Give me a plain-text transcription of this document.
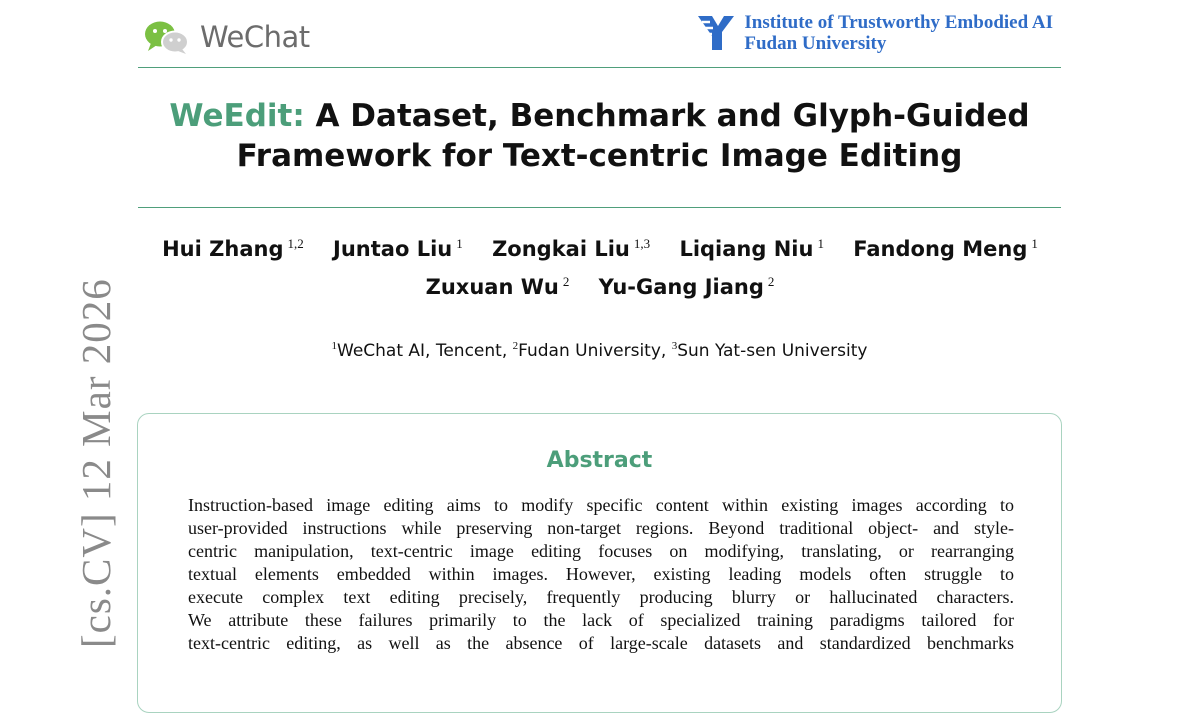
[cs.CV] 12 Mar 2026
WeChat	Institute of Trustworthy Embodied AI
Fudan University
WeEdit: A Dataset, Benchmark and Glyph-Guided
Framework for Text-centric Image Editing
Hui Zhang $^{1,2}$ Juntao Liu $^1$ Zongkai Liu $^{1,3}$ Liqiang Niu $^1$ Fandong Meng $^1$
Zuxuan Wu $^2$ Yu-Gang Jiang $^2$
$^1$WeChat AI, Tencent, $^2$Fudan University, $^3$Sun Yat-sen University
Abstract
Instruction-based image editing aims to modify specific content within existing images according to
user-provided instructions while preserving non-target regions. Beyond traditional object- and style-
centric manipulation, text-centric image editing focuses on modifying, translating, or rearranging
textual elements embedded within images. However, existing leading models often struggle to
execute complex text editing precisely, frequently producing blurry or hallucinated characters.
We attribute these failures primarily to the lack of specialized training paradigms tailored for
text-centric editing, as well as the absence of large-scale datasets and standardized benchmarks
